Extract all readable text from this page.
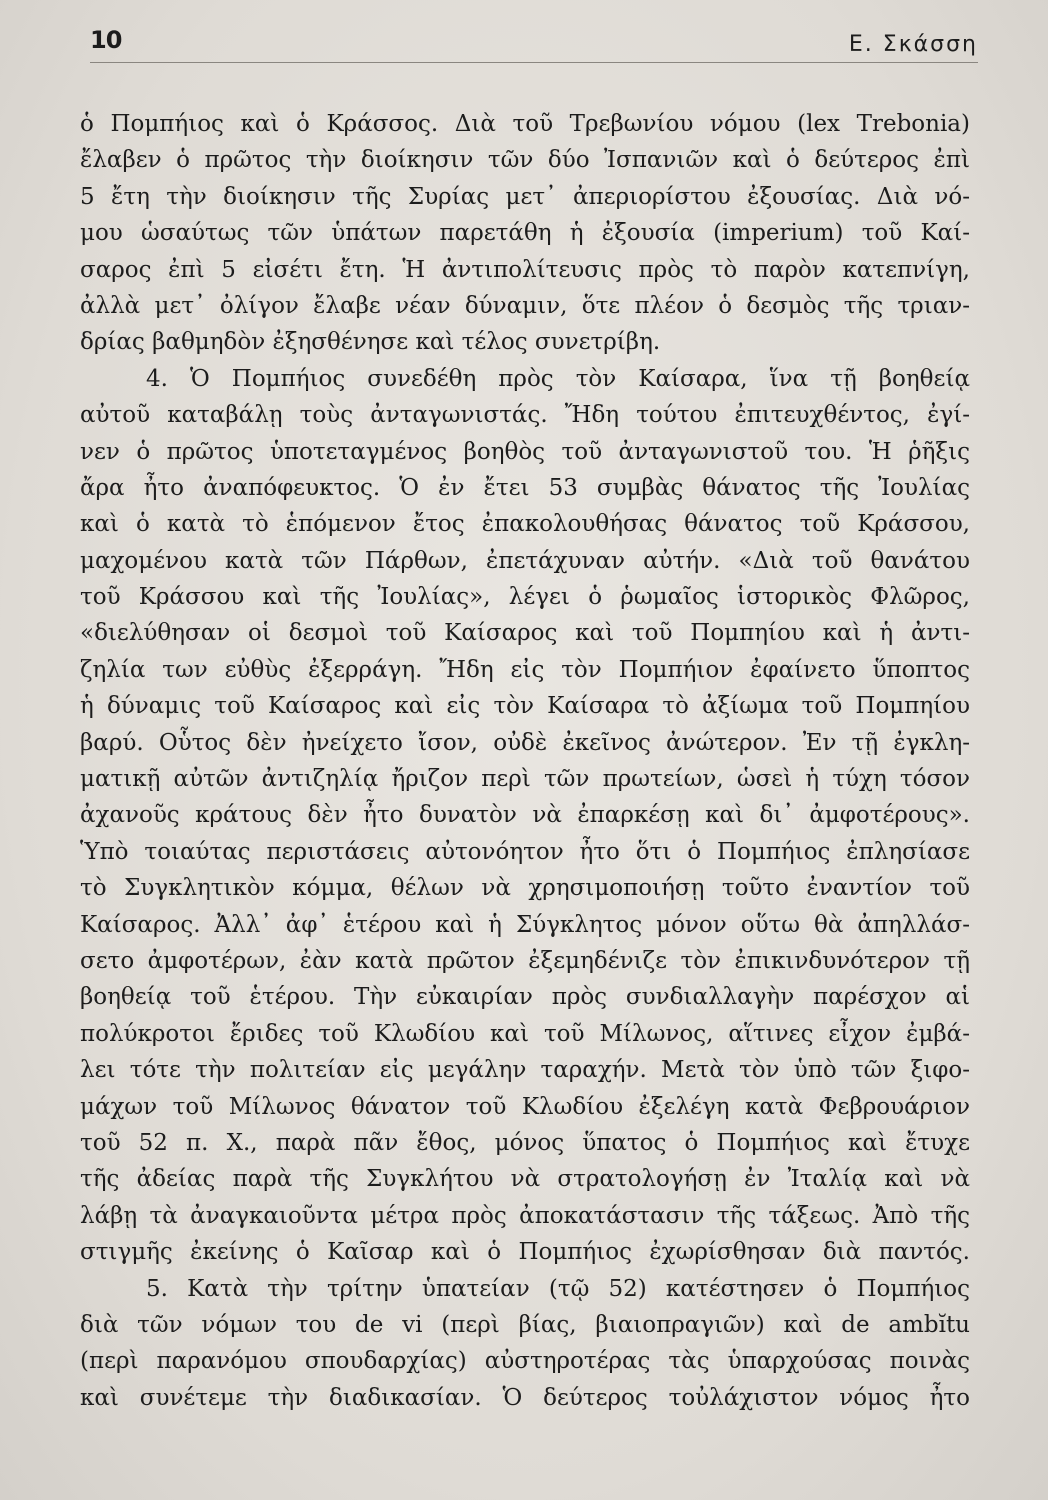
10	Ε. Σκάσση
ὁ Πομπήιος καὶ ὁ Κράσσος. Διὰ τοῦ Τρεβωνίου νόμου (lex Trebonia)
ἔλαβεν ὁ πρῶτος τὴν διοίκησιν τῶν δύο Ἰσπανιῶν καὶ ὁ δεύτερος ἐπὶ
5 ἔτη τὴν διοίκησιν τῆς Συρίας μετ᾽ ἀπεριορίστου ἐξουσίας. Διὰ νό-
μου ὡσαύτως τῶν ὑπάτων παρετάθη ἡ ἐξουσία (imperium) τοῦ Καί-
σαρος ἐπὶ 5 εἰσέτι ἔτη. Ἡ ἀντιπολίτευσις πρὸς τὸ παρὸν κατεπνίγη,
ἀλλὰ μετ᾽ ὀλίγον ἔλαβε νέαν δύναμιν, ὅτε πλέον ὁ δεσμὸς τῆς τριαν-
δρίας βαθμηδὸν ἐξησθένησε καὶ τέλος συνετρίβη.
4. Ὁ Πομπήιος συνεδέθη πρὸς τὸν Καίσαρα, ἵνα τῇ βοηθείᾳ
αὐτοῦ καταβάλῃ τοὺς ἀνταγωνιστάς. Ἤδη τούτου ἐπιτευχθέντος, ἐγί-
νεν ὁ πρῶτος ὑποτεταγμένος βοηθὸς τοῦ ἀνταγωνιστοῦ του. Ἡ ῥῆξις
ἄρα ἦτο ἀναπόφευκτος. Ὁ ἐν ἔτει 53 συμβὰς θάνατος τῆς Ἰουλίας
καὶ ὁ κατὰ τὸ ἑπόμενον ἔτος ἐπακολουθήσας θάνατος τοῦ Κράσσου,
μαχομένου κατὰ τῶν Πάρθων, ἐπετάχυναν αὐτήν. «Διὰ τοῦ θανάτου
τοῦ Κράσσου καὶ τῆς Ἰουλίας», λέγει ὁ ῥωμαῖος ἱστορικὸς Φλῶρος,
«διελύθησαν οἱ δεσμοὶ τοῦ Καίσαρος καὶ τοῦ Πομπηίου καὶ ἡ ἀντι-
ζηλία των εὐθὺς ἐξερράγη. Ἤδη εἰς τὸν Πομπήιον ἐφαίνετο ὕποπτος
ἡ δύναμις τοῦ Καίσαρος καὶ εἰς τὸν Καίσαρα τὸ ἀξίωμα τοῦ Πομπηίου
βαρύ. Οὗτος δὲν ἠνείχετο ἴσον, οὐδὲ ἐκεῖνος ἀνώτερον. Ἐν τῇ ἐγκλη-
ματικῇ αὐτῶν ἀντιζηλίᾳ ἤριζον περὶ τῶν πρωτείων, ὡσεὶ ἡ τύχη τόσον
ἀχανοῦς κράτους δὲν ἦτο δυνατὸν νὰ ἐπαρκέσῃ καὶ δι᾽ ἀμφοτέρους».
Ὑπὸ τοιαύτας περιστάσεις αὐτονόητον ἦτο ὅτι ὁ Πομπήιος ἐπλησίασε
τὸ Συγκλητικὸν κόμμα, θέλων νὰ χρησιμοποιήσῃ τοῦτο ἐναντίον τοῦ
Καίσαρος. Ἀλλ᾽ ἀφ᾽ ἑτέρου καὶ ἡ Σύγκλητος μόνον οὕτω θὰ ἀπηλλάσ-
σετο ἀμφοτέρων, ἐὰν κατὰ πρῶτον ἐξεμηδένιζε τὸν ἐπικινδυνότερον τῇ
βοηθείᾳ τοῦ ἑτέρου. Τὴν εὐκαιρίαν πρὸς συνδιαλλαγὴν παρέσχον αἱ
πολύκροτοι ἔριδες τοῦ Κλωδίου καὶ τοῦ Μίλωνος, αἵτινες εἶχον ἐμβά-
λει τότε τὴν πολιτείαν εἰς μεγάλην ταραχήν. Μετὰ τὸν ὑπὸ τῶν ξιφο-
μάχων τοῦ Μίλωνος θάνατον τοῦ Κλωδίου ἐξελέγη κατὰ Φεβρουάριον
τοῦ 52 π. Χ., παρὰ πᾶν ἔθος, μόνος ὕπατος ὁ Πομπήιος καὶ ἔτυχε
τῆς ἀδείας παρὰ τῆς Συγκλήτου νὰ στρατολογήσῃ ἐν Ἰταλίᾳ καὶ νὰ
λάβῃ τὰ ἀναγκαιοῦντα μέτρα πρὸς ἀποκατάστασιν τῆς τάξεως. Ἀπὸ τῆς
στιγμῆς ἐκείνης ὁ Καῖσαρ καὶ ὁ Πομπήιος ἐχωρίσθησαν διὰ παντός.
5. Κατὰ τὴν τρίτην ὑπατείαν (τῷ 52) κατέστησεν ὁ Πομπήιος
διὰ τῶν νόμων του de vi (περὶ βίας, βιαιοπραγιῶν) καὶ de ambĭtu
(περὶ παρανόμου σπουδαρχίας) αὐστηροτέρας τὰς ὑπαρχούσας ποινὰς
καὶ συνέτεμε τὴν διαδικασίαν. Ὁ δεύτερος τοὐλάχιστον νόμος ἦτο
